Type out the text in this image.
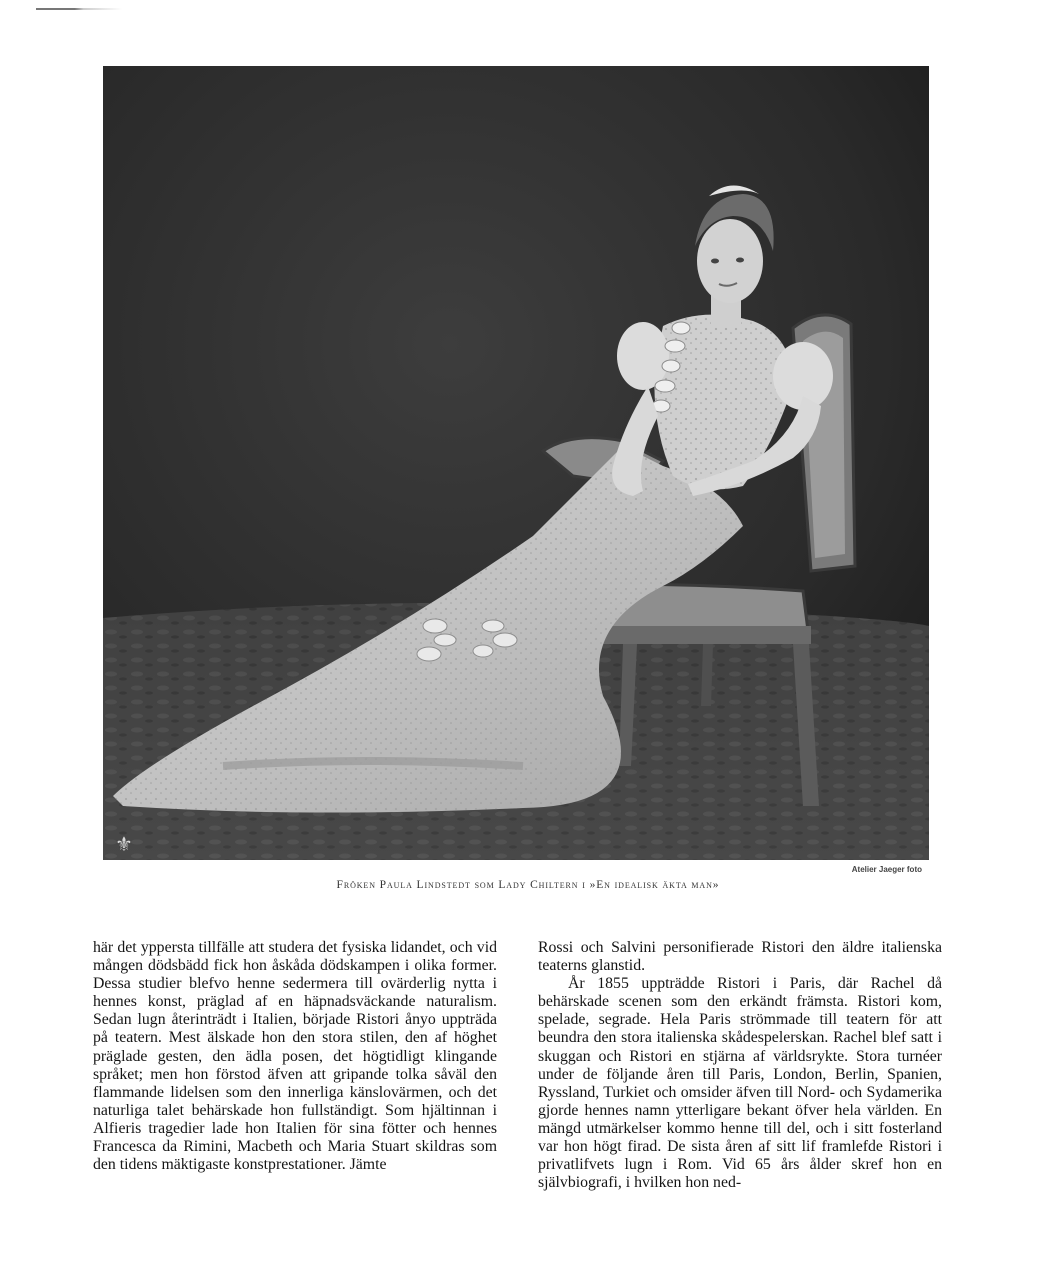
⚜
Atelier Jaeger foto
Fröken Paula Lindstedt som Lady Chiltern i »En idealisk äkta man»

här det yppersta tillfälle att studera det fysiska lidandet, och vid mången dödsbädd fick hon åskåda dödskampen i olika former. Dessa studier blefvo henne sedermera till ovärderlig nytta i hennes konst, präglad af en häpnadsväckande naturalism. Sedan lugn återinträdt i Italien, började Ristori ånyo uppträda på teatern. Mest älskade hon den stora stilen, den af höghet präglade gesten, den ädla posen, det högtidligt klingande språket; men hon förstod äfven att gripande tolka såväl den flammande lidelsen som den innerliga känslovärmen, och det naturliga talet behärskade hon fullständigt. Som hjältinnan i Alfieris tragedier lade hon Italien för sina fötter och hennes Francesca da Rimini, Macbeth och Maria Stuart skildras som den tidens mäktigaste konstprestationer. Jämte

Rossi och Salvini personifierade Ristori den äldre italienska teaterns glanstid.

År 1855 uppträdde Ristori i Paris, där Rachel då behärskade scenen som den erkändt främsta. Ristori kom, spelade, segrade. Hela Paris strömmade till teatern för att beundra den stora italienska skådespelerskan. Rachel blef satt i skuggan och Ristori en stjärna af världsrykte. Stora turnéer under de följande åren till Paris, London, Berlin, Spanien, Ryssland, Turkiet och omsider äfven till Nord- och Sydamerika gjorde hennes namn ytterligare bekant öfver hela världen. En mängd utmärkelser kommo henne till del, och i sitt fosterland var hon högt firad. De sista åren af sitt lif framlefde Ristori i privatlifvets lugn i Rom. Vid 65 års ålder skref hon en självbiografi, i hvilken hon ned-
